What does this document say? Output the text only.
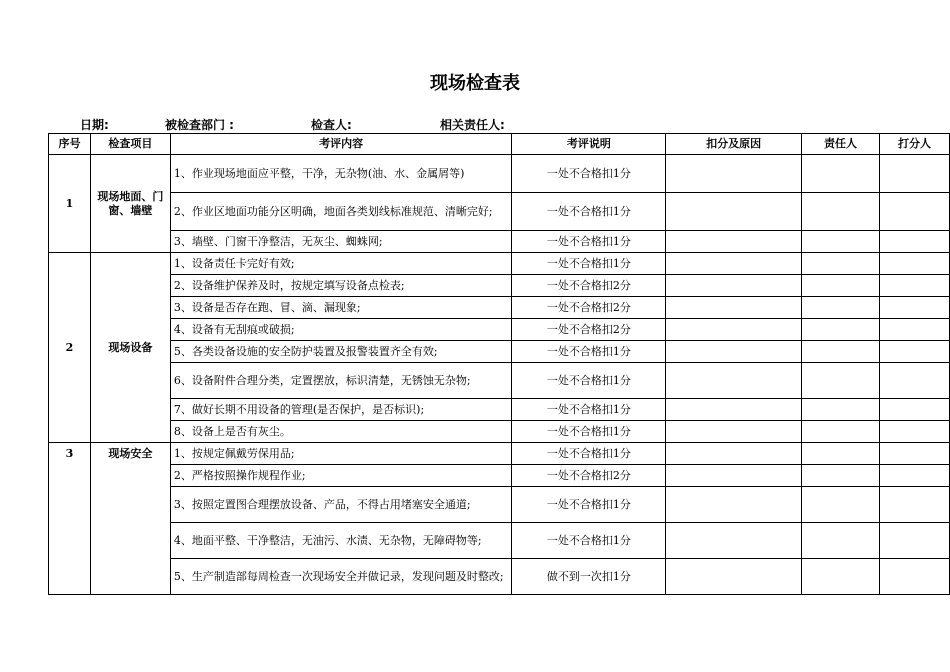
现场检查表
日期:	被检查部门 :	检查人:	相关责任人:
序号	检查项目	考评内容	考评说明	扣分及原因	责任人	打分人
1	现场地面、门窗、墙壁	1、作业现场地面应平整，干净，无杂物(油、水、金属屑等)	一处不合格扣1分			
		2、作业区地面功能分区明确，地面各类划线标准规范、清晰完好;	一处不合格扣1分			
		3、墙壁、门窗干净整洁，无灰尘、蜘蛛网;	一处不合格扣1分			
2	现场设备	1、设备责任卡完好有效;	一处不合格扣1分			
		2、设备维护保养及时，按规定填写设备点检表;	一处不合格扣2分			
		3、设备是否存在跑、冒、滴、漏现象;	一处不合格扣2分			
		4、设备有无刮痕或破损;	一处不合格扣2分			
		5、各类设备设施的安全防护装置及报警装置齐全有效;	一处不合格扣1分			
		6、设备附件合理分类，定置摆放，标识清楚，无锈蚀无杂物;	一处不合格扣1分			
		7、做好长期不用设备的管理(是否保护，是否标识);	一处不合格扣1分			
		8、设备上是否有灰尘。	一处不合格扣1分			
3	现场安全	1、按规定佩戴劳保用品;	一处不合格扣1分			
		2、严格按照操作规程作业;	一处不合格扣2分			
		3、按照定置图合理摆放设备、产品，不得占用堵塞安全通道;	一处不合格扣1分			
		4、地面平整、干净整洁，无油污、水渍、无杂物，无障碍物等;	一处不合格扣1分			
		5、生产制造部每周检查一次现场安全并做记录，发现问题及时整改;	做不到一次扣1分			
